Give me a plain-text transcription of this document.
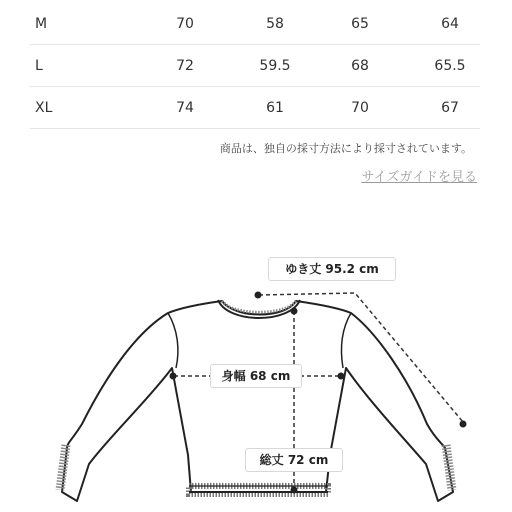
M	70	58	65	64
L	72	59.5	68	65.5
XL	74	61	70	67
商品は、独自の採寸方法により採寸されています。
サイズガイドを見る
ゆき丈 95.2 cm
身幅 68 cm
総丈 72 cm
